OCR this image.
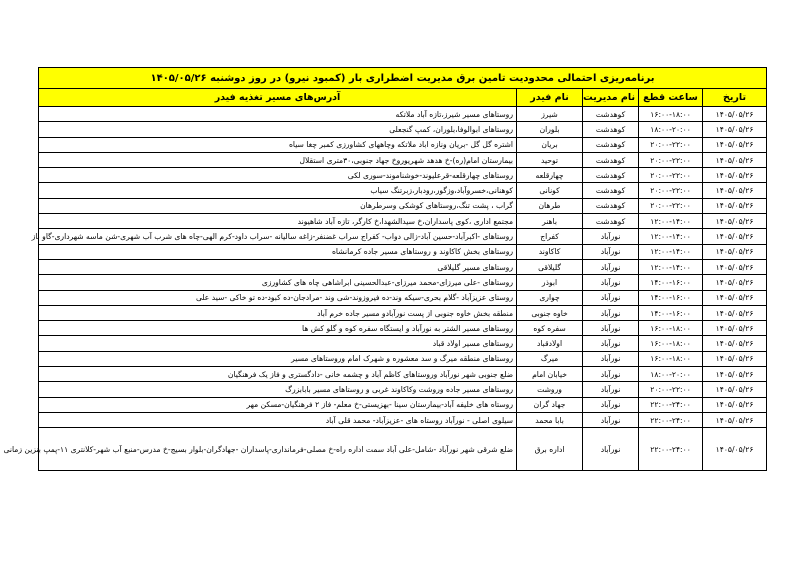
برنامەریزی احتمالی محدودیت تامین برق مدیریت اضطراری بار (کمبود نیرو) در روز دوشنبه ۱۴۰۵/۰۵/۲۶				
تاریخ	ساعت قطع	نام مدیریت	نام فیدر	آدرس‌های مسیر تغذیه فیدر
۱۴۰۵/۰۵/۲۶	۱۶:۰۰-۱۸:۰۰	کوهدشت	شیرز	روستاهای مسیر شیرز،تازه آباد ملاتکه
۱۴۰۵/۰۵/۲۶	۱۸:۰۰-۲۰:۰۰	کوهدشت	بلوران	روستاهای ابوالوفا،بلوران، کمپ گنجعلی
۱۴۰۵/۰۵/۲۶	۲۰:۰۰-۲۲:۰۰	کوهدشت	بریان	اشتره گل گل -بریان ونازه اباد ملاتکه وچاههای کشاورزی کمبر چغا سیاه
۱۴۰۵/۰۵/۲۶	۲۰:۰۰-۲۲:۰۰	کوهدشت	توحید	بیمارستان امام(ره)-خ هدهد شهریوروخ جهاد جنوبی،۳۰متری استقلال
۱۴۰۵/۰۵/۲۶	۲۰:۰۰-۲۲:۰۰	کوهدشت	چهارقلعه	روستاهای چهارقلعه-قرعلیوند-خوشناموند-سوری لکی
۱۴۰۵/۰۵/۲۶	۲۰:۰۰-۲۲:۰۰	کوهدشت	کونانی	کوهنانی،خسروآباد،وزگور،رودبار،زبرتنگ سیاب
۱۴۰۵/۰۵/۲۶	۲۰:۰۰-۲۲:۰۰	کوهدشت	طرهان	گراب ، پشت تنگ،روستاهای کوشکی وسرطرهان
۱۴۰۵/۰۵/۲۶	۱۲:۰۰-۱۴:۰۰	کوهدشت	باهنر	مجتمع اداری ،کوی پاسداران،خ سیدالشهدا،خ کارگر، تازه آباد شاهیوند
۱۴۰۵/۰۵/۲۶	۱۲:۰۰-۱۴:۰۰	نورآباد	کفراج	روستاهای -اکبرآباد-حسین آباد-زالی دواب- کفراج سراب غضنفر-زاغه سالیانه -سراب داود-کرم الهی-چاه های شرب آب شهری-شن ماسه شهرداری-گاو باز
۱۴۰۵/۰۵/۲۶	۱۲:۰۰-۱۴:۰۰	نورآباد	کاکاوند	روستاهای بخش کاکاوند و روستاهای مسیر جاده کرمانشاه
۱۴۰۵/۰۵/۲۶	۱۲:۰۰-۱۴:۰۰	نورآباد	گلیلاقی	روستاهای مسیر گلیلاقی
۱۴۰۵/۰۵/۲۶	۱۴:۰۰-۱۶:۰۰	نورآباد	ابوذر	روستاهای -علی میرزای-محمد میرزای-عبدالحسینی ابراشاهی چاه های کشاورزی
۱۴۰۵/۰۵/۲۶	۱۴:۰۰-۱۶:۰۰	نورآباد	چواری	روستای عزیزآباد -گلام بحری-سیکه وند-ده فیروزوند-شی وند -مرادجان-ده کبود-ده تو خاکی -سید علی
۱۴۰۵/۰۵/۲۶	۱۴:۰۰-۱۶:۰۰	نورآباد	خاوه جنوبی	منطقه بخش خاوه جنوبی از پست نورآبادو مسیر جاده خرم آباد
۱۴۰۵/۰۵/۲۶	۱۶:۰۰-۱۸:۰۰	نورآباد	سفره کوه	روستاهای مسیر الشتر به نورآباد و ایستگاه سفره کوه و گلو کش ها
۱۴۰۵/۰۵/۲۶	۱۶:۰۰-۱۸:۰۰	نورآباد	اولادقباد	روستاهای مسیر اولاد قباد
۱۴۰۵/۰۵/۲۶	۱۶:۰۰-۱۸:۰۰	نورآباد	میرگ	روستاهای منطقه میرگ و سد معشوره و شهرک امام وروستاهای مسیر
۱۴۰۵/۰۵/۲۶	۱۸:۰۰-۲۰:۰۰	نورآباد	خیابان امام	ضلع جنوبی شهر نورآباد وروستاهای کاظم آباد و چشمه خانی -دادگستری و فاز یک فرهنگیان
۱۴۰۵/۰۵/۲۶	۲۰:۰۰-۲۲:۰۰	نورآباد	وروشت	روستاهای مسیر جاده وروشت وکاکاوند غربی و روستاهای مسیر بابابزرگ
۱۴۰۵/۰۵/۲۶	۲۲:۰۰-۲۴:۰۰	نورآباد	جهاد گران	روستاه های خلیفه آباد-بیمارستان سینا -بهزیستی-خ معلم- فاز ۲ فرهنگیان-مسکن مهر
۱۴۰۵/۰۵/۲۶	۲۲:۰۰-۲۴:۰۰	نورآباد	بابا محمد	سیلوی اصلی - نورآباد روستاه های -عزیزآباد- محمد قلی آباد
۱۴۰۵/۰۵/۲۶	۲۲:۰۰-۲۴:۰۰	نورآباد	اداره برق	ضلع شرقی شهر نورآباد -شامل-علی آباد سمت اداره راه-خ مصلی-فرمانداری-پاسداران -جهادگران-بلوار بسیج-خ مدرس-منبع آب شهر-کلانتری ۱۱-پمپ بنزین زمانی
